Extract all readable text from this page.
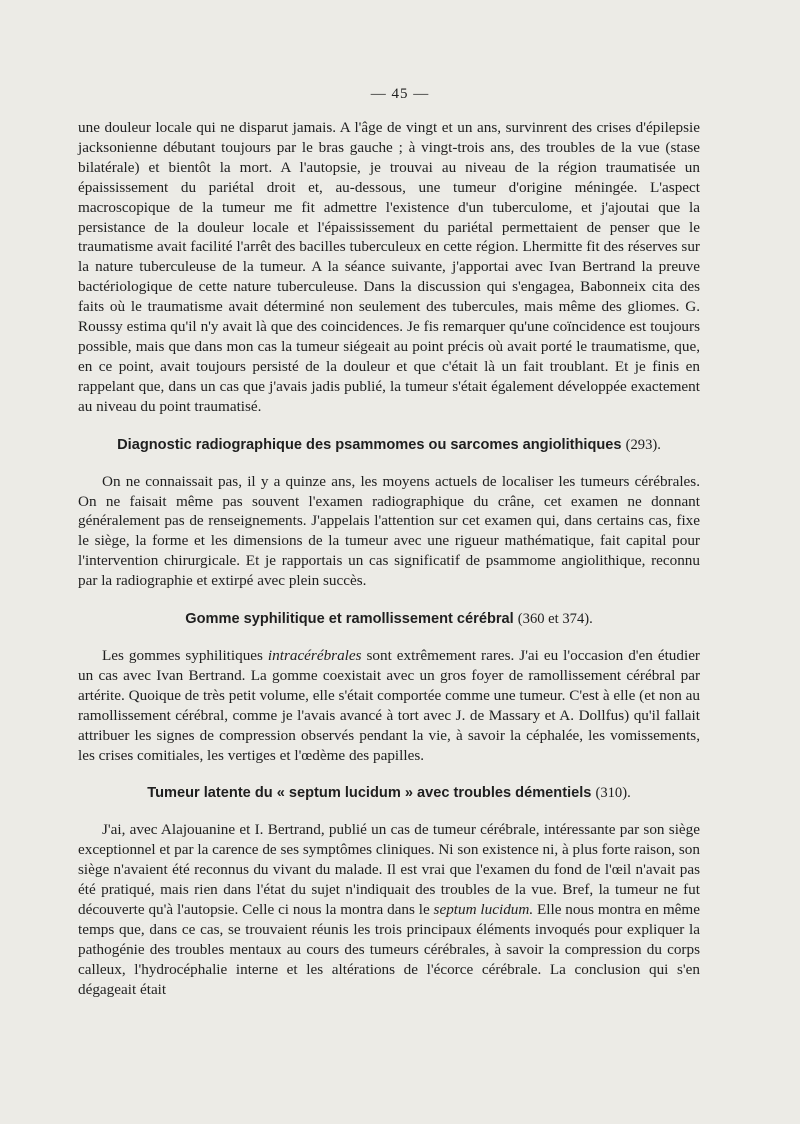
— 45 —

une douleur locale qui ne disparut jamais. A l'âge de vingt et un ans, survinrent des crises d'épilepsie jacksonienne débutant toujours par le bras gauche ; à vingt-trois ans, des troubles de la vue (stase bilatérale) et bientôt la mort. A l'autopsie, je trouvai au niveau de la région traumatisée un épaississement du pariétal droit et, au-dessous, une tumeur d'origine méningée. L'aspect macroscopique de la tumeur me fit admettre l'existence d'un tuberculome, et j'ajoutai que la persistance de la douleur locale et l'épaississement du pariétal permettaient de penser que le traumatisme avait facilité l'arrêt des bacilles tuberculeux en cette région. Lhermitte fit des réserves sur la nature tuberculeuse de la tumeur. A la séance suivante, j'apportai avec Ivan Bertrand la preuve bactériologique de cette nature tuberculeuse. Dans la discussion qui s'engagea, Babonneix cita des faits où le traumatisme avait déterminé non seulement des tubercules, mais même des gliomes. G. Roussy estima qu'il n'y avait là que des coincidences. Je fis remarquer qu'une coïncidence est toujours possible, mais que dans mon cas la tumeur siégeait au point précis où avait porté le traumatisme, que, en ce point, avait toujours persisté de la douleur et que c'était là un fait troublant. Et je finis en rappelant que, dans un cas que j'avais jadis publié, la tumeur s'était également développée exactement au niveau du point traumatisé.

Diagnostic radiographique des psammomes ou sarcomes angiolithiques (293).

On ne connaissait pas, il y a quinze ans, les moyens actuels de localiser les tumeurs cérébrales. On ne faisait même pas souvent l'examen radiographique du crâne, cet examen ne donnant généralement pas de renseignements. J'appelais l'attention sur cet examen qui, dans certains cas, fixe le siège, la forme et les dimensions de la tumeur avec une rigueur mathématique, fait capital pour l'intervention chirurgicale. Et je rapportais un cas significatif de psammome angiolithique, reconnu par la radiographie et extirpé avec plein succès.

Gomme syphilitique et ramollissement cérébral (360 et 374).

Les gommes syphilitiques intracérébrales sont extrêmement rares. J'ai eu l'occasion d'en étudier un cas avec Ivan Bertrand. La gomme coexistait avec un gros foyer de ramollissement cérébral par artérite. Quoique de très petit volume, elle s'était comportée comme une tumeur. C'est à elle (et non au ramollissement cérébral, comme je l'avais avancé à tort avec J. de Massary et A. Dollfus) qu'il fallait attribuer les signes de compression observés pendant la vie, à savoir la céphalée, les vomissements, les crises comitiales, les vertiges et l'œdème des papilles.

Tumeur latente du « septum lucidum » avec troubles démentiels (310).

J'ai, avec Alajouanine et I. Bertrand, publié un cas de tumeur cérébrale, intéressante par son siège exceptionnel et par la carence de ses symptômes cliniques. Ni son existence ni, à plus forte raison, son siège n'avaient été reconnus du vivant du malade. Il est vrai que l'examen du fond de l'œil n'avait pas été pratiqué, mais rien dans l'état du sujet n'indiquait des troubles de la vue. Bref, la tumeur ne fut découverte qu'à l'autopsie. Celle ci nous la montra dans le septum lucidum. Elle nous montra en même temps que, dans ce cas, se trouvaient réunis les trois principaux éléments invoqués pour expliquer la pathogénie des troubles mentaux au cours des tumeurs cérébrales, à savoir la compression du corps calleux, l'hydrocéphalie interne et les altérations de l'écorce cérébrale. La conclusion qui s'en dégageait était
